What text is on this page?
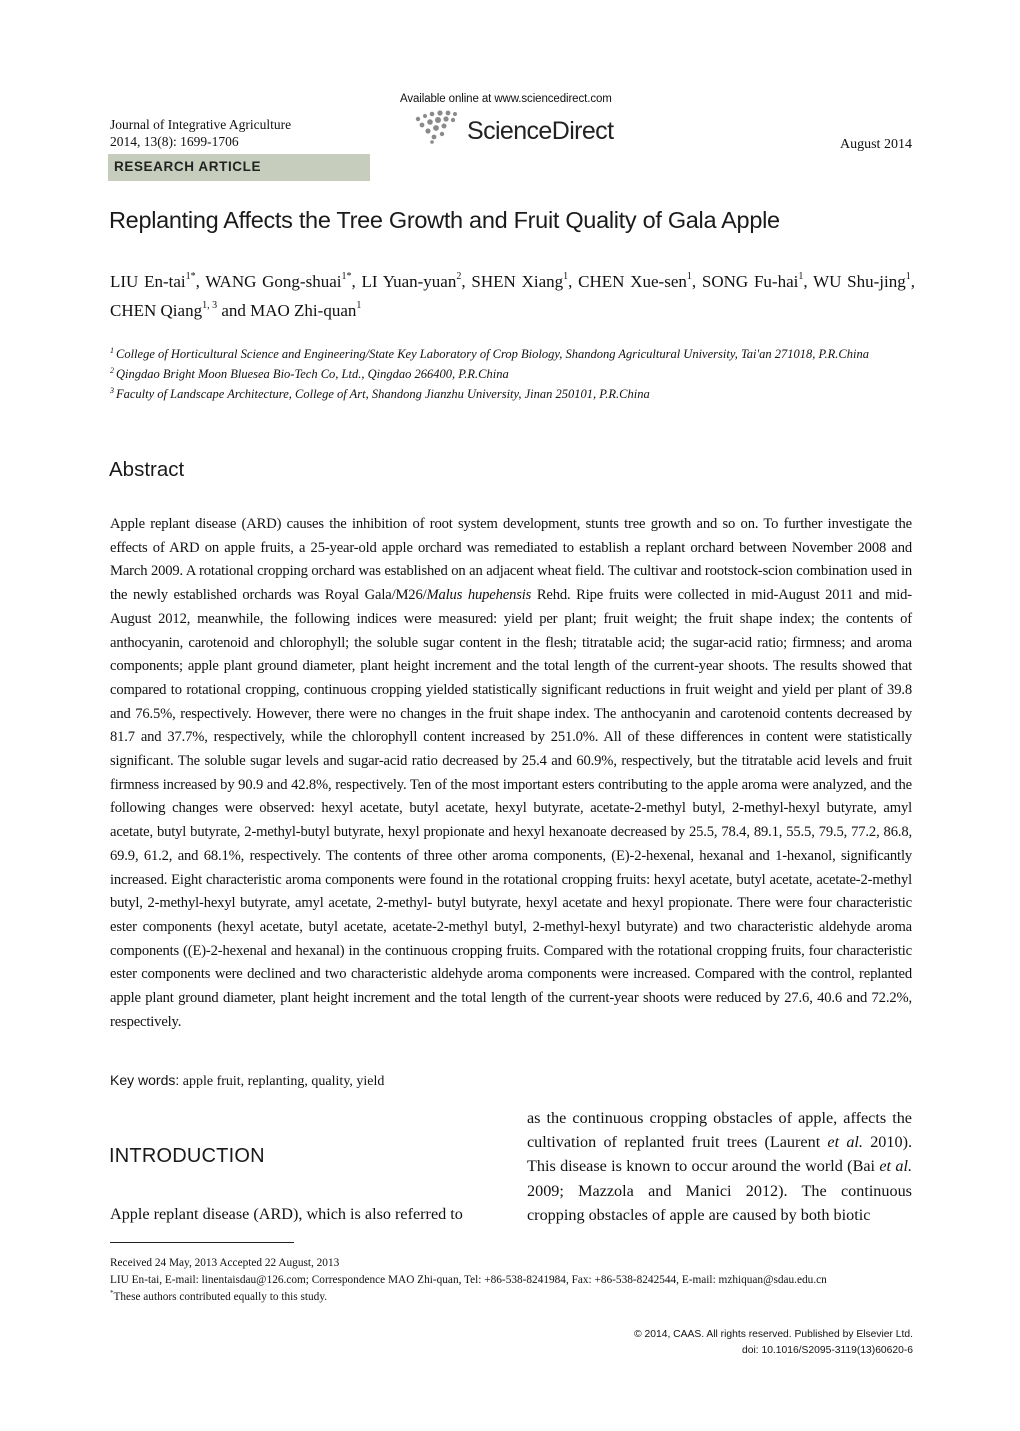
Journal of Integrative Agriculture
2014, 13(8): 1699-1706
Available online at www.sciencedirect.com
ScienceDirect	August 2014
RESEARCH ARTICLE
Replanting Affects the Tree Growth and Fruit Quality of Gala Apple
LIU En-tai$^{1*}$, WANG Gong-shuai$^{1*}$, LI Yuan-yuan$^2$, SHEN Xiang$^1$, CHEN Xue-sen$^1$, SONG Fu-hai$^1$, WU Shu-jing$^1$, CHEN Qiang$^{1, 3}$ and MAO Zhi-quan$^1$
1 College of Horticultural Science and Engineering/State Key Laboratory of Crop Biology, Shandong Agricultural University, Tai'an 271018, P.R.China
2 Qingdao Bright Moon Bluesea Bio-Tech Co, Ltd., Qingdao 266400, P.R.China
3 Faculty of Landscape Architecture, College of Art, Shandong Jianzhu University, Jinan 250101, P.R.China
Abstract
Apple replant disease (ARD) causes the inhibition of root system development, stunts tree growth and so on. To further investigate the effects of ARD on apple fruits, a 25-year-old apple orchard was remediated to establish a replant orchard between November 2008 and March 2009. A rotational cropping orchard was established on an adjacent wheat field. The cultivar and rootstock-scion combination used in the newly established orchards was Royal Gala/M26/Malus hupehensis Rehd. Ripe fruits were collected in mid-August 2011 and mid-August 2012, meanwhile, the following indices were measured: yield per plant; fruit weight; the fruit shape index; the contents of anthocyanin, carotenoid and chlorophyll; the soluble sugar content in the flesh; titratable acid; the sugar-acid ratio; firmness; and aroma components; apple plant ground diameter, plant height increment and the total length of the current-year shoots. The results showed that compared to rotational cropping, continuous cropping yielded statistically significant reductions in fruit weight and yield per plant of 39.8 and 76.5%, respectively. However, there were no changes in the fruit shape index. The anthocyanin and carotenoid contents decreased by 81.7 and 37.7%, respectively, while the chlorophyll content increased by 251.0%. All of these differences in content were statistically significant. The soluble sugar levels and sugar-acid ratio decreased by 25.4 and 60.9%, respectively, but the titratable acid levels and fruit firmness increased by 90.9 and 42.8%, respectively. Ten of the most important esters contributing to the apple aroma were analyzed, and the following changes were observed: hexyl acetate, butyl acetate, hexyl butyrate, acetate-2-methyl butyl, 2-methyl-hexyl butyrate, amyl acetate, butyl butyrate, 2-methyl-butyl butyrate, hexyl propionate and hexyl hexanoate decreased by 25.5, 78.4, 89.1, 55.5, 79.5, 77.2, 86.8, 69.9, 61.2, and 68.1%, respectively. The contents of three other aroma components, (E)-2-hexenal, hexanal and 1-hexanol, significantly increased. Eight characteristic aroma components were found in the rotational cropping fruits: hexyl acetate, butyl acetate, acetate-2-methyl butyl, 2-methyl-hexyl butyrate, amyl acetate, 2-methyl- butyl butyrate, hexyl acetate and hexyl propionate. There were four characteristic ester components (hexyl acetate, butyl acetate, acetate-2-methyl butyl, 2-methyl-hexyl butyrate) and two characteristic aldehyde aroma components ((E)-2-hexenal and hexanal) in the continuous cropping fruits. Compared with the rotational cropping fruits, four characteristic ester components were declined and two characteristic aldehyde aroma components were increased. Compared with the control, replanted apple plant ground diameter, plant height increment and the total length of the current-year shoots were reduced by 27.6, 40.6 and 72.2%, respectively.
Key words: apple fruit, replanting, quality, yield
INTRODUCTION
Apple replant disease (ARD), which is also referred to
as the continuous cropping obstacles of apple, affects the cultivation of replanted fruit trees (Laurent et al. 2010). This disease is known to occur around the world (Bai et al. 2009; Mazzola and Manici 2012). The continuous cropping obstacles of apple are caused by both biotic
Received 24 May, 2013 Accepted 22 August, 2013
LIU En-tai, E-mail: linentaisdau@126.com; Correspondence MAO Zhi-quan, Tel: +86-538-8241984, Fax: +86-538-8242544, E-mail: mzhiquan@sdau.edu.cn
*These authors contributed equally to this study.
© 2014, CAAS. All rights reserved. Published by Elsevier Ltd.
doi: 10.1016/S2095-3119(13)60620-6
